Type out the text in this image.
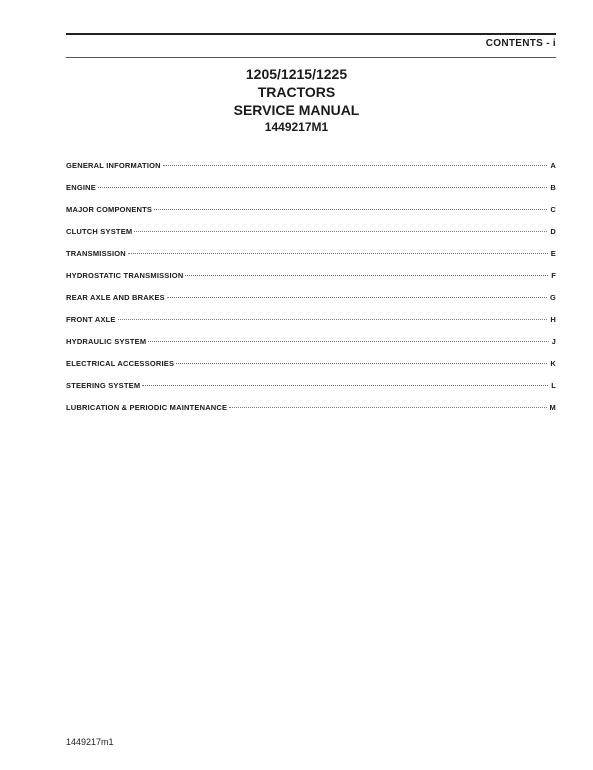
CONTENTS - i
1205/1215/1225
TRACTORS
SERVICE MANUAL
1449217M1
GENERAL INFORMATION	A
ENGINE	B
MAJOR COMPONENTS	C
CLUTCH SYSTEM	D
TRANSMISSION	E
HYDROSTATIC TRANSMISSION	F
REAR AXLE AND BRAKES	G
FRONT AXLE	H
HYDRAULIC SYSTEM	J
ELECTRICAL ACCESSORIES	K
STEERING SYSTEM	L
LUBRICATION & PERIODIC MAINTENANCE	M
1449217m1
